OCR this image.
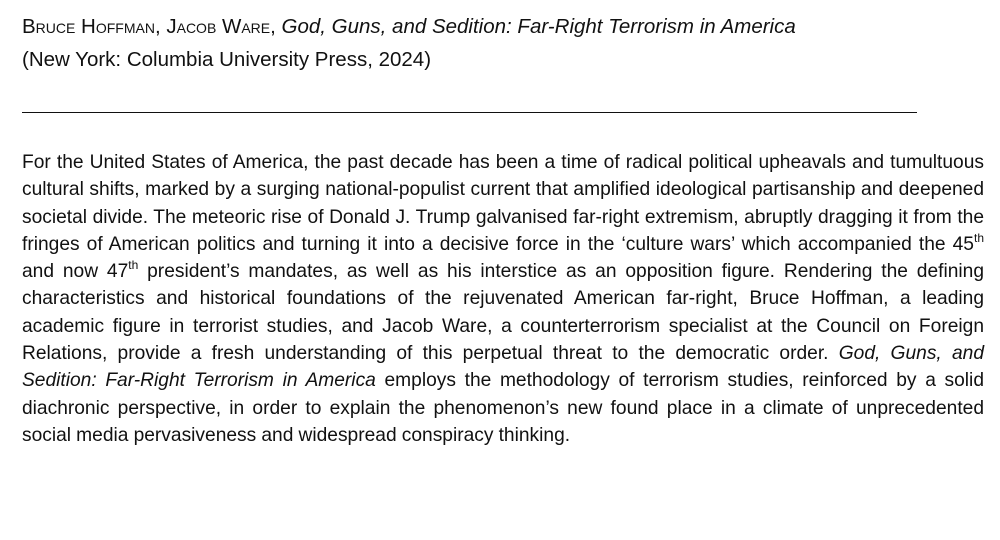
Bruce Hoffman, Jacob Ware, God, Guns, and Sedition: Far-Right Terrorism in America
(New York: Columbia University Press, 2024)

For the United States of America, the past decade has been a time of radical political upheavals and tumultuous cultural shifts, marked by a surging national-populist current that amplified ideological partisanship and deepened societal divide. The meteoric rise of Donald J. Trump galvanised far-right extremism, abruptly dragging it from the fringes of American politics and turning it into a decisive force in the ‘culture wars’ which accompanied the 45th and now 47th president’s mandates, as well as his interstice as an opposition figure. Rendering the defining characteristics and historical foundations of the rejuvenated American far-right, Bruce Hoffman, a leading academic figure in terrorist studies, and Jacob Ware, a counterterrorism specialist at the Council on Foreign Relations, provide a fresh understanding of this perpetual threat to the democratic order. God, Guns, and Sedition: Far-Right Terrorism in America employs the methodology of terrorism studies, reinforced by a solid diachronic perspective, in order to explain the phenomenon’s new found place in a climate of unprecedented social media pervasiveness and widespread conspiracy thinking.
